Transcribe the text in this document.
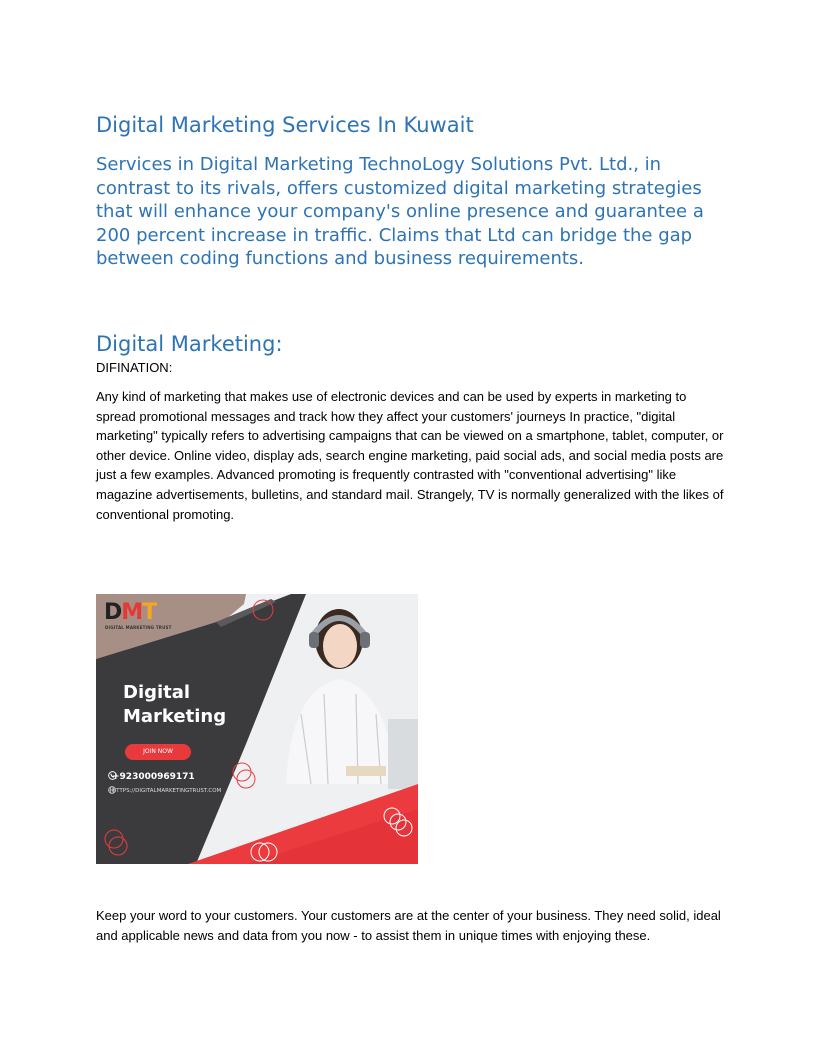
Digital Marketing Services In Kuwait

Services in Digital Marketing TechnoLogy Solutions Pvt. Ltd., in contrast to its rivals, offers customized digital marketing strategies that will enhance your company's online presence and guarantee a 200 percent increase in traffic. Claims that Ltd can bridge the gap between coding functions and business requirements.

Digital Marketing:

DIFINATION:

Any kind of marketing that makes use of electronic devices and can be used by experts in marketing to spread promotional messages and track how they affect your customers' journeys In practice, "digital marketing" typically refers to advertising campaigns that can be viewed on a smartphone, tablet, computer, or other device. Online video, display ads, search engine marketing, paid social ads, and social media posts are just a few examples. Advanced promoting is frequently contrasted with "conventional advertising" like magazine advertisements, bulletins, and standard mail. Strangely, TV is normally generalized with the likes of conventional promoting.

DMT
DIGITAL MARKETING TRUST
Digital
Marketing
JOIN NOW
+923000969171
HTTPS://DIGITALMARKETINGTRUST.COM

Keep your word to your customers. Your customers are at the center of your business. They need solid, ideal and applicable news and data from you now - to assist them in unique times with enjoying these.
